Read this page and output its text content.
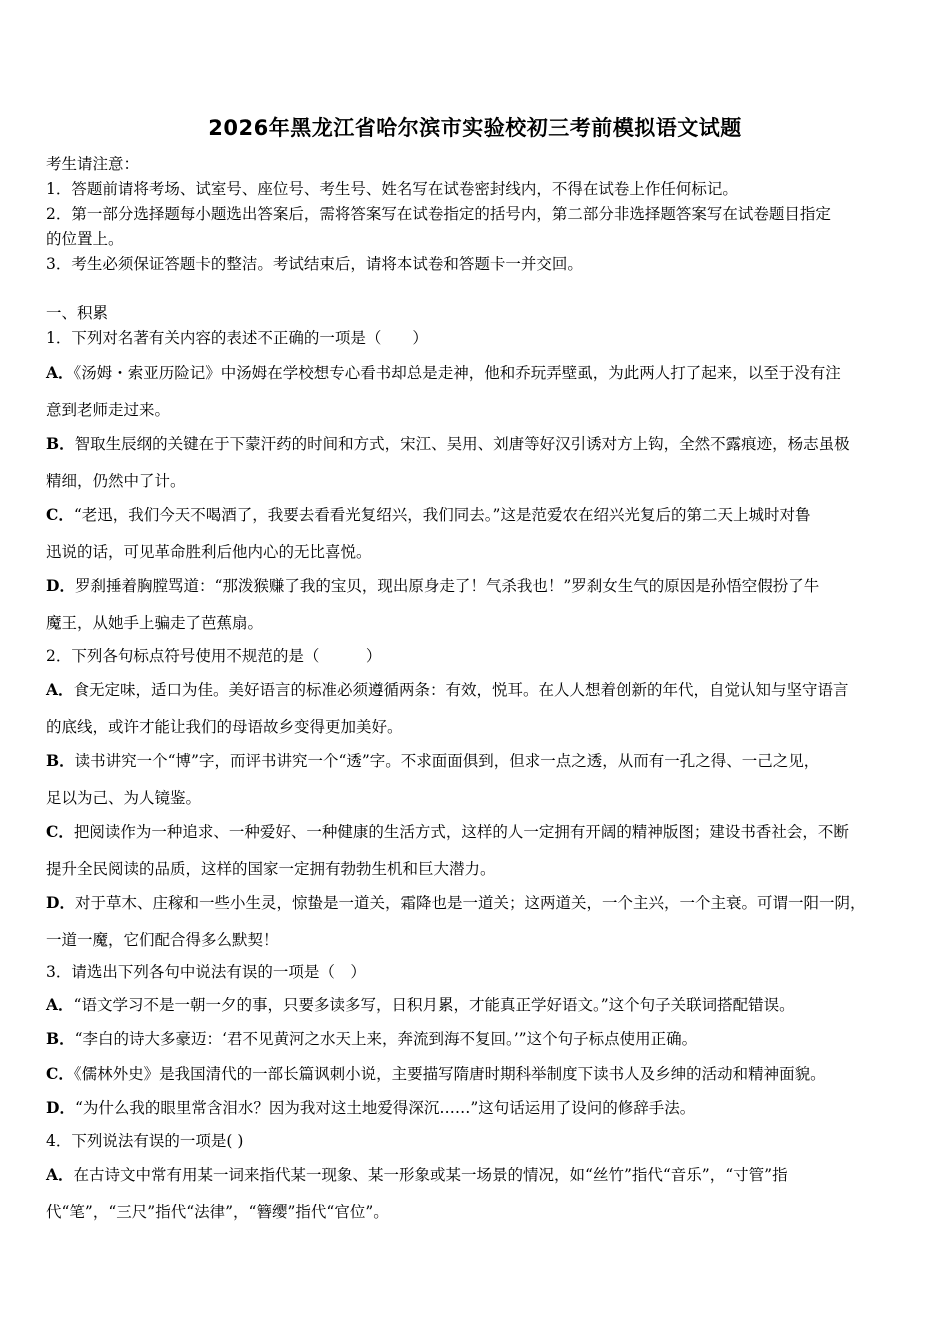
2026年黑龙江省哈尔滨市实验校初三考前模拟语文试题
考生请注意：
1．答题前请将考场、试室号、座位号、考生号、姓名写在试卷密封线内，不得在试卷上作任何标记。
2．第一部分选择题每小题选出答案后，需将答案写在试卷指定的括号内，第二部分非选择题答案写在试卷题目指定
的位置上。
3．考生必须保证答题卡的整洁。考试结束后，请将本试卷和答题卡一并交回。
一、积累
1．下列对名著有关内容的表述不正确的一项是（　　）
A．《汤姆・索亚历险记》中汤姆在学校想专心看书却总是走神，他和乔玩弄壁虱，为此两人打了起来，以至于没有注
意到老师走过来。
B．智取生辰纲的关键在于下蒙汗药的时间和方式，宋江、吴用、刘唐等好汉引诱对方上钩，全然不露痕迹，杨志虽极
精细，仍然中了计。
C．“老迅，我们今天不喝酒了，我要去看看光复绍兴，我们同去。”这是范爱农在绍兴光复后的第二天上城时对鲁
迅说的话，可见革命胜利后他内心的无比喜悦。
D．罗刹捶着胸膛骂道：“那泼猴赚了我的宝贝，现出原身走了！气杀我也！”罗刹女生气的原因是孙悟空假扮了牛
魔王，从她手上骗走了芭蕉扇。
2．下列各句标点符号使用不规范的是（　　　）
A．食无定味，适口为佳。美好语言的标准必须遵循两条：有效，悦耳。在人人想着创新的年代，自觉认知与坚守语言
的底线，或许才能让我们的母语故乡变得更加美好。
B．读书讲究一个“博”字，而评书讲究一个“透”字。不求面面俱到，但求一点之透，从而有一孔之得、一己之见，
足以为己、为人镜鉴。
C．把阅读作为一种追求、一种爱好、一种健康的生活方式，这样的人一定拥有开阔的精神版图；建设书香社会，不断
提升全民阅读的品质，这样的国家一定拥有勃勃生机和巨大潜力。
D．对于草木、庄稼和一些小生灵，惊蛰是一道关，霜降也是一道关；这两道关，一个主兴，一个主衰。可谓一阳一阴，
一道一魔，它们配合得多么默契！
3．请选出下列各句中说法有误的一项是（　）
A．“语文学习不是一朝一夕的事，只要多读多写，日积月累，才能真正学好语文。”这个句子关联词搭配错误。
B．“李白的诗大多豪迈：‘君不见黄河之水天上来，奔流到海不复回。’”这个句子标点使用正确。
C．《儒林外史》是我国清代的一部长篇讽刺小说，主要描写隋唐时期科举制度下读书人及乡绅的活动和精神面貌。
D．“为什么我的眼里常含泪水？因为我对这土地爱得深沉……”这句话运用了设问的修辞手法。
4．下列说法有误的一项是( )
A．在古诗文中常有用某一词来指代某一现象、某一形象或某一场景的情况，如“丝竹”指代“音乐”，“寸管”指
代“笔”，“三尺”指代“法律”，“簪缨”指代“官位”。
